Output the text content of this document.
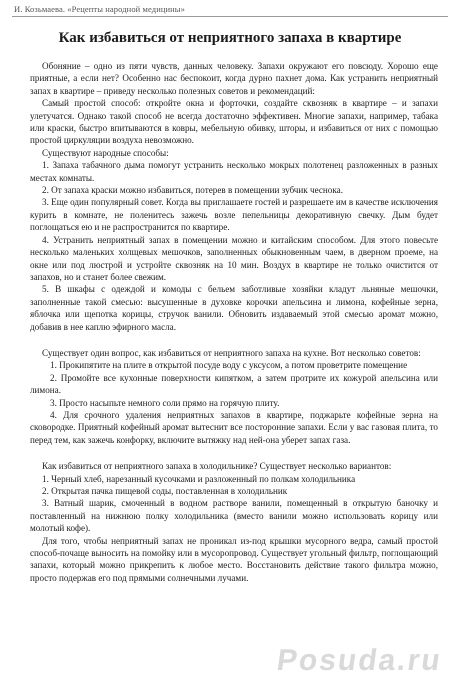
И. Козьмаева. «Рецепты народной медицины»
Как избавиться от неприятного запаха в квартире

Обоняние – одно из пяти чувств, данных человеку. Запахи окружают его повсюду. Хорошо еще приятные, а если нет? Особенно нас беспокоит, когда дурно пахнет дома. Как устранить неприятный запах в квартире – приведу несколько полезных советов и рекомендаций:

Самый простой способ: откройте окна и форточки, создайте сквозняк в квартире – и запахи улетучатся. Однако такой способ не всегда достаточно эффективен. Многие запахи, например, табака или краски, быстро впитываются в ковры, мебельную обивку, шторы, и избавиться от них с помощью простой циркуляции воздуха невозможно.

Существуют народные способы:

1. Запаха табачного дыма помогут устранить несколько мокрых полотенец разложенных в разных местах комнаты.

2. От запаха краски можно избавиться, потерев в помещении зубчик чеснока.

3. Еще один популярный совет. Когда вы приглашаете гостей и разрешаете им в качестве исключения курить в комнате, не поленитесь зажечь возле пепельницы декоративную свечку. Дым будет поглощаться ею и не распространится по квартире.

4. Устранить неприятный запах в помещении можно и китайским способом. Для этого повесьте несколько маленьких холщевых мешочков, заполненных обыкновенным чаем, в дверном проеме, на окне или под люстрой и устройте сквозняк на 10 мин. Воздух в квартире не только очистится от запахов, но и станет более свежим.

5. В шкафы с одеждой и комоды с бельем заботливые хозяйки кладут льняные мешочки, заполненные такой смесью: высушенные в духовке корочки апельсина и лимона, кофейные зерна, яблочка или щепотка корицы, стручок ванили. Обновить издаваемый этой смесью аромат можно, добавив в нее каплю эфирного масла.

Существует один вопрос, как избавиться от неприятного запаха на кухне. Вот несколько советов:

1. Прокипятите на плите в открытой посуде воду с уксусом, а потом проветрите помещение

2. Промойте все кухонные поверхности кипятком, а затем протрите их кожурой апельсина или лимона.

3. Просто насыпьте немного соли прямо на горячую плиту.

4. Для срочного удаления неприятных запахов в квартире, поджарьте кофейные зерна на сковородке. Приятный кофейный аромат вытеснит все посторонние запахи. Если у вас газовая плита, то перед тем, как зажечь конфорку, включите вытяжку над ней-она уберет запах газа.

Как избавиться от неприятного запаха в холодильнике? Существует несколько вариантов:

1. Черный хлеб, нарезанный кусочками и разложенный по полкам холодильника

2. Открытая пачка пищевой соды, поставленная в холодильник

3. Ватный шарик, смоченный в водном растворе ванили, помещенный в открытую баночку и поставленный на нижнюю полку холодильника (вместо ванили можно использовать корицу или молотый кофе).

Для того, чтобы неприятный запах не проникал из-под крышки мусорного ведра, самый простой способ-почаще выносить на помойку или в мусоропровод. Существует угольный фильтр, поглощающий запахи, который можно прикрепить к любое место. Восстановить действие такого фильтра можно, просто подержав его под прямыми солнечными лучами.

Posuda.ru
